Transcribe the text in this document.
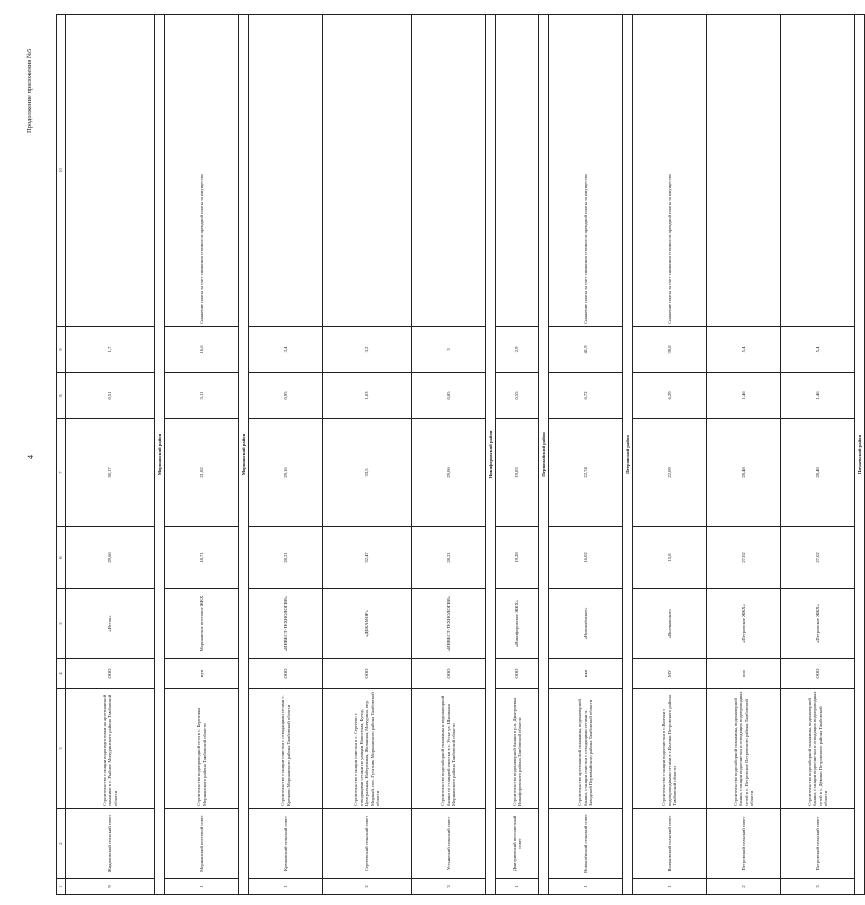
4
Продолжение приложения №5
1	2	3	4	5	6	7	8	9	10
9	Жидиловский сельский совет	Строительство станции водоподготовки на артезианской скважине в с. Рыбное Мичуринского района Тамбовской области	ООО	«Исток»	29,66	30,17	0,51	1,7	
Моршанский район									
1	Моршанский поссовой совет	Строительство водопроводной сети в с. Березовка Моршанского района Тамбовской области	муп	Моршанское поссовое ЖКХ	18,71	21,82	3,11	16,6	Снижение платы за счет снижения стоимости арендной платы за имущество
Моршанский район									
1	Крюковский сельский совет	Строительство станции очистки с отводящими сетями с. Крюково Моршанского района Тамбовской области	ООО	«ИНВЕСТ-ТЕХНОЛОГИЯ»	28,21	29,16	0,95	3,4	
2	Сергеевский сельский совет	Строительство станции очистки в с. Сергеево с отводящими сетями по улицам Новоселая, Бугор, Центральная, Набережная, Желанная, Мичурина, пер. Мирный, пос. Гусятник Моршанского района Тамбовской области	ООО	«ДЕКАМОР»	32,47	33,5	1,03	3,2	
3	Устьинский сельский совет	Строительство водозаборной скважины и водонапорной башни со станцией очистки в с. Устье ул. Школьная Моршанского района Тамбовской области	ООО	«ИНВЕСТ-ТЕХНОЛОГИЯ»	28,21	29,06	0,85	3	
Никифоровский район									
1	Дмитриевский поссоветный совет	Строительство водонапорной башни в р.п. Дмитриевка Никифоровского района Тамбовской области	ООО	«Никифоровское ЖКХ»	19,28	19,83	0,55	2,9	
Первомайский район									
1	Новоклёнский сельский совет	Строительство артезианской скважины, водонапорной башни, станции очистки с отводящими сетями п. Заводской Первомайского района Тамбовской области	мкп	«Новоклёнское»	16,02	22,74	6,72	41,9	Снижение платы за счет снижения стоимости арендной платы за имущество
Петровский район									
1	Волчковский сельский совет	Строительство станции водоочистки в с.Волчки с водопроводными сетями в с.Волчки Петровского района Тамбовской области	МУ	«Волчковское»	15,8	22,09	6,29	39,8	Снижение платы за счет снижения стоимости арендной платы за имущество
2	Петровский сельский совет	Строительство водозаборной скважины, водонапорной башни, станции водоочистки и отводящих водопроводных сетей в с. Петровское Петровского района Тамбовской области	ооо	«Петровское ЖКХ»	27,02	28,48	1,46	5,4	
3	Петровский сельский совет	Строительство водозаборной скважины, водонапорной башни, станции водоочистки и отводящих водопроводных сетей в с. Дёмино Петровского района Тамбовской области	ООО	«Петровское ЖКХ»	27,02	28,48	1,46	5,4	
Пичаевский район									
